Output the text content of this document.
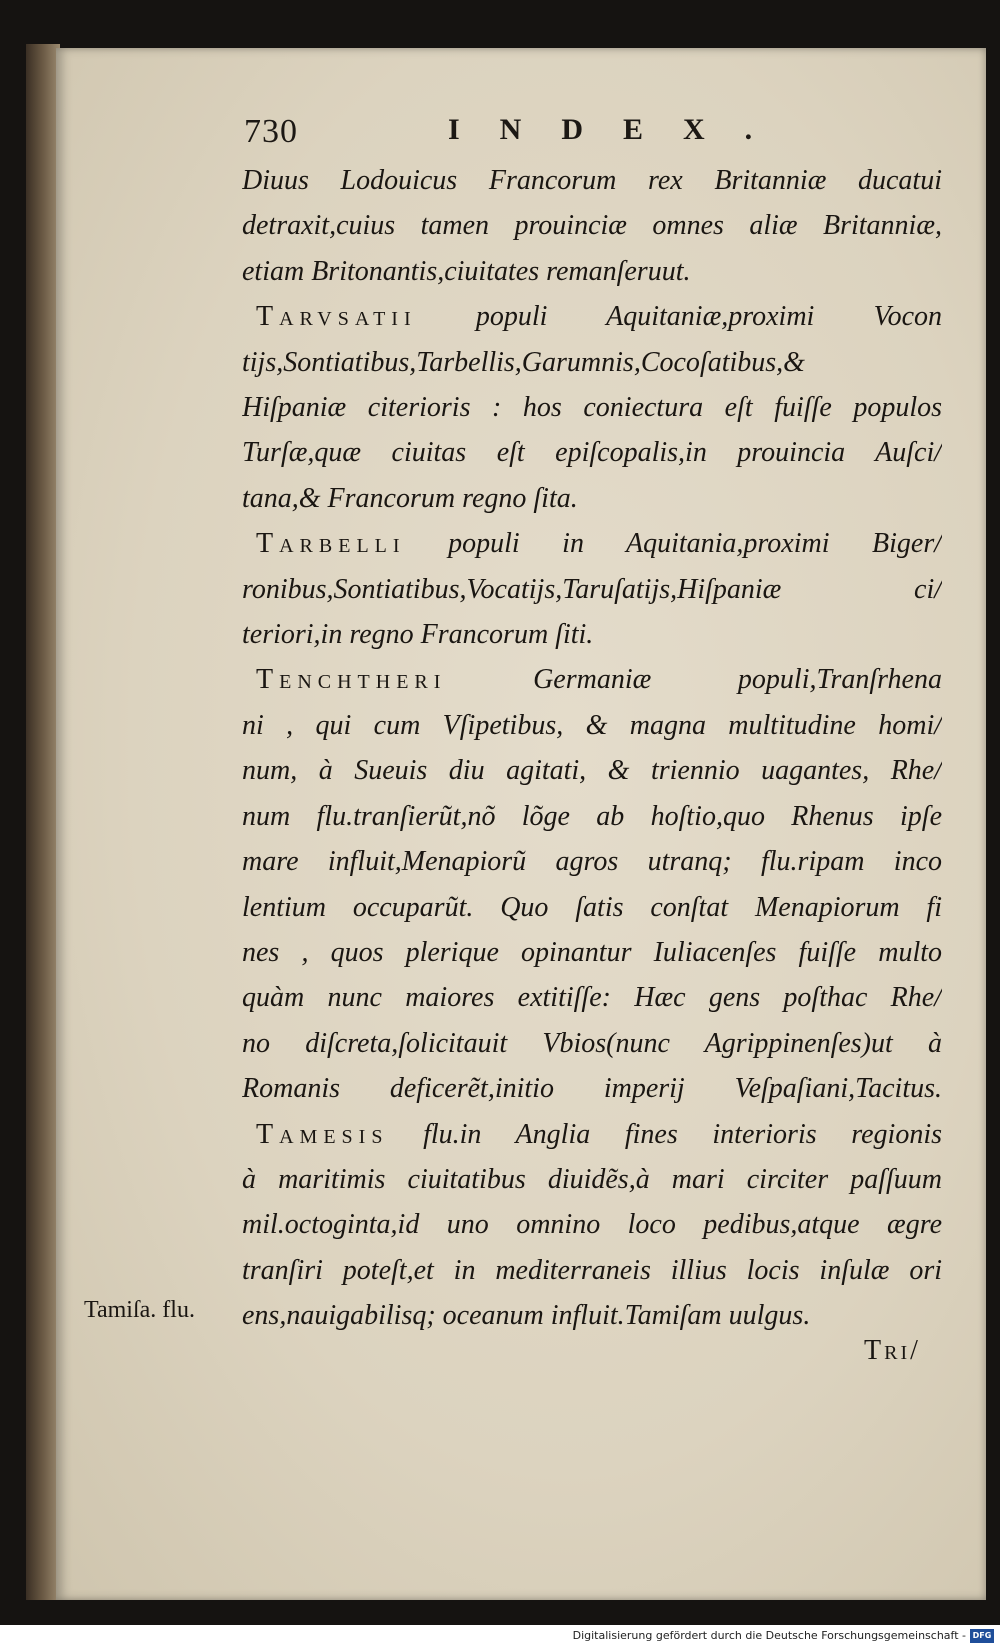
730	INDEX.
Diuus Lodouicus Francorum rex Britanniæ ducatui
detraxit,cuius tamen prouinciæ omnes aliæ Britanniæ,
etiam Britonantis,ciuitates remanſeruut.
Tarvsatii populi Aquitaniæ,proximi Vocon
tijs,Sontiatibus,Tarbellis,Garumnis,Cocoſatibus,&
Hiſpaniæ citerioris : hos coniectura eſt fuiſſe populos
Turſæ,quæ ciuitas eſt epiſcopalis,in prouincia Auſci/
tana,& Francorum regno ſita.
Tarbelli populi in Aquitania,proximi Biger/
ronibus,Sontiatibus,Vocatijs,Taruſatijs,Hiſpaniæ ci/
teriori,in regno Francorum ſiti.
Tenchtheri Germaniæ populi,Tranſrhena
ni , qui cum Vſipetibus, & magna multitudine homi/
num, à Sueuis diu agitati, & triennio uagantes, Rhe/
num flu.tranſierũt,nõ lõge ab hoſtio,quo Rhenus ipſe
mare influit,Menapiorũ agros utranq; flu.ripam inco
lentium occuparũt. Quo ſatis conſtat Menapiorum fi
nes , quos plerique opinantur Iuliacenſes fuiſſe multo
quàm nunc maiores extitiſſe: Hæc gens poſthac Rhe/
no diſcreta,ſolicitauit Vbios(nunc Agrippinenſes)ut à
Romanis deficerẽt,initio imperij Veſpaſiani,Tacitus.
Tamesis flu.in Anglia fines interioris regionis
à maritimis ciuitatibus diuidẽs,à mari circiter paſſuum
mil.octoginta,id uno omnino loco pedibus,atque ægre
tranſiri poteſt,et in mediterraneis illius locis inſulæ ori
ens,nauigabilisq; oceanum influit.Tamiſam uulgus.
Tamiſa. flu.
Tri/
Digitalisierung gefördert durch die Deutsche Forschungsgemeinschaft - DFG
